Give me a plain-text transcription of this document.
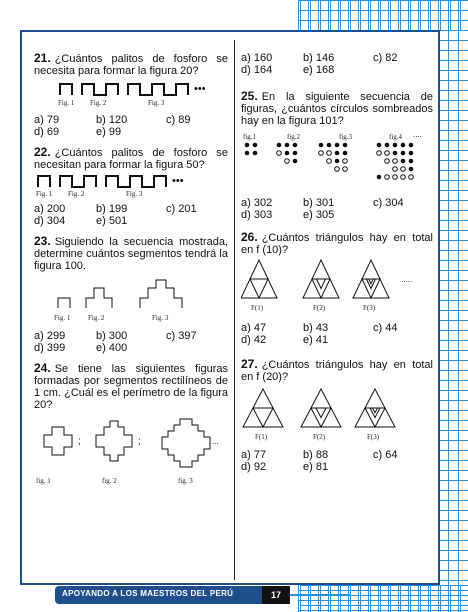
21. ¿Cuántos palitos de fosforo se necesita para formar la figura 20?
•••
Fig. 1 Fig. 2	Fig. 3
a) 79	b) 120	c) 89
d) 69	e) 99
22. ¿Cuántos palitos de fosforo se necesitan para formar la figura 50?
•••
Fig. 1 Fig. 2	Fig. 3
a) 200	b) 199	c) 201
d) 304	e) 501
23. Siguiendo la secuencia mostrada, determine cuántos segmentos tendrá la figura 100.
Fig. 1	Fig. 2	Fig. 3
a) 299	b) 300	c) 397
d) 399	e) 400
24. Se tiene las siguientes figuras formadas por segmentos rectilíneos de 1 cm. ¿Cuál es el perímetro de la figura 20?
;	;	...
fig. 1	fig. 2	fig. 3
a) 160	b) 146	c) 82
d) 164	e) 168
25. En la siguiente secuencia de figuras, ¿cuántos círculos sombreados hay en la figura 101?
fig.1	fig.2	fig.3	fig.4 ....
a) 302	b) 301	c) 304
d) 303	e) 305
26. ¿Cuántos triángulos hay en total en f (10)?
.....
F(1)	F(2)	F(3)
a) 47	b) 43	c) 44
d) 42	e) 41
27. ¿Cuántos triángulos hay en total en f (20)?
F(1)	F(2)	F(3)
a) 77	b) 88	c) 64
d) 92	e) 81
APOYANDO A LOS MAESTROS DEL PERÚ	17
